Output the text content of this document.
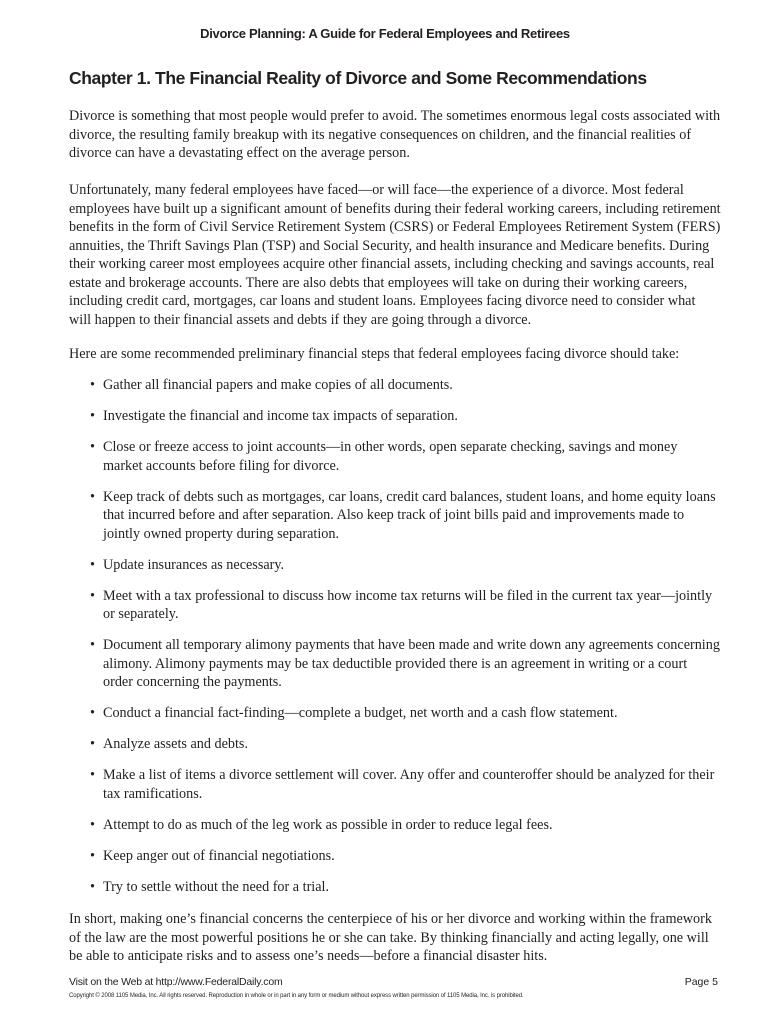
Divorce Planning: A Guide for Federal Employees and Retirees
Chapter 1. The Financial Reality of Divorce and Some Recommendations

Divorce is something that most people would prefer to avoid. The sometimes enormous legal costs associated with divorce, the resulting family breakup with its negative consequences on children, and the financial realities of divorce can have a devastating effect on the average person.

Unfortunately, many federal employees have faced—or will face—the experience of a divorce. Most federal employees have built up a significant amount of benefits during their federal working careers, including retirement benefits in the form of Civil Service Retirement System (CSRS) or Federal Employees Retirement System (FERS) annuities, the Thrift Savings Plan (TSP) and Social Security, and health insurance and Medicare benefits. During their working career most employees acquire other financial assets, including checking and savings accounts, real estate and brokerage accounts. There are also debts that employees will take on during their working careers, including credit card, mortgages, car loans and student loans. Employees facing divorce need to consider what will happen to their financial assets and debts if they are going through a divorce.

Here are some recommended preliminary financial steps that federal employees facing divorce should take:

• Gather all financial papers and make copies of all documents.
• Investigate the financial and income tax impacts of separation.
• Close or freeze access to joint accounts—in other words, open separate checking, savings and money market accounts before filing for divorce.
• Keep track of debts such as mortgages, car loans, credit card balances, student loans, and home equity loans that incurred before and after separation. Also keep track of joint bills paid and improvements made to jointly owned property during separation.
• Update insurances as necessary.
• Meet with a tax professional to discuss how income tax returns will be filed in the current tax year—jointly or separately.
• Document all temporary alimony payments that have been made and write down any agreements concerning alimony. Alimony payments may be tax deductible provided there is an agreement in writing or a court order concerning the payments.
• Conduct a financial fact-finding—complete a budget, net worth and a cash flow statement.
• Analyze assets and debts.
• Make a list of items a divorce settlement will cover. Any offer and counteroffer should be analyzed for their tax ramifications.
• Attempt to do as much of the leg work as possible in order to reduce legal fees.
• Keep anger out of financial negotiations.
• Try to settle without the need for a trial.

In short, making one’s financial concerns the centerpiece of his or her divorce and working within the framework of the law are the most powerful positions he or she can take. By thinking financially and acting legally, one will be able to anticipate risks and to assess one’s needs—before a financial disaster hits.

Visit on the Web at http://www.FederalDaily.com	Page 5
Copyright © 2008 1105 Media, Inc. All rights reserved. Reproduction in whole or in part in any form or medium without express written permission of 1105 Media, Inc. is prohibited.
